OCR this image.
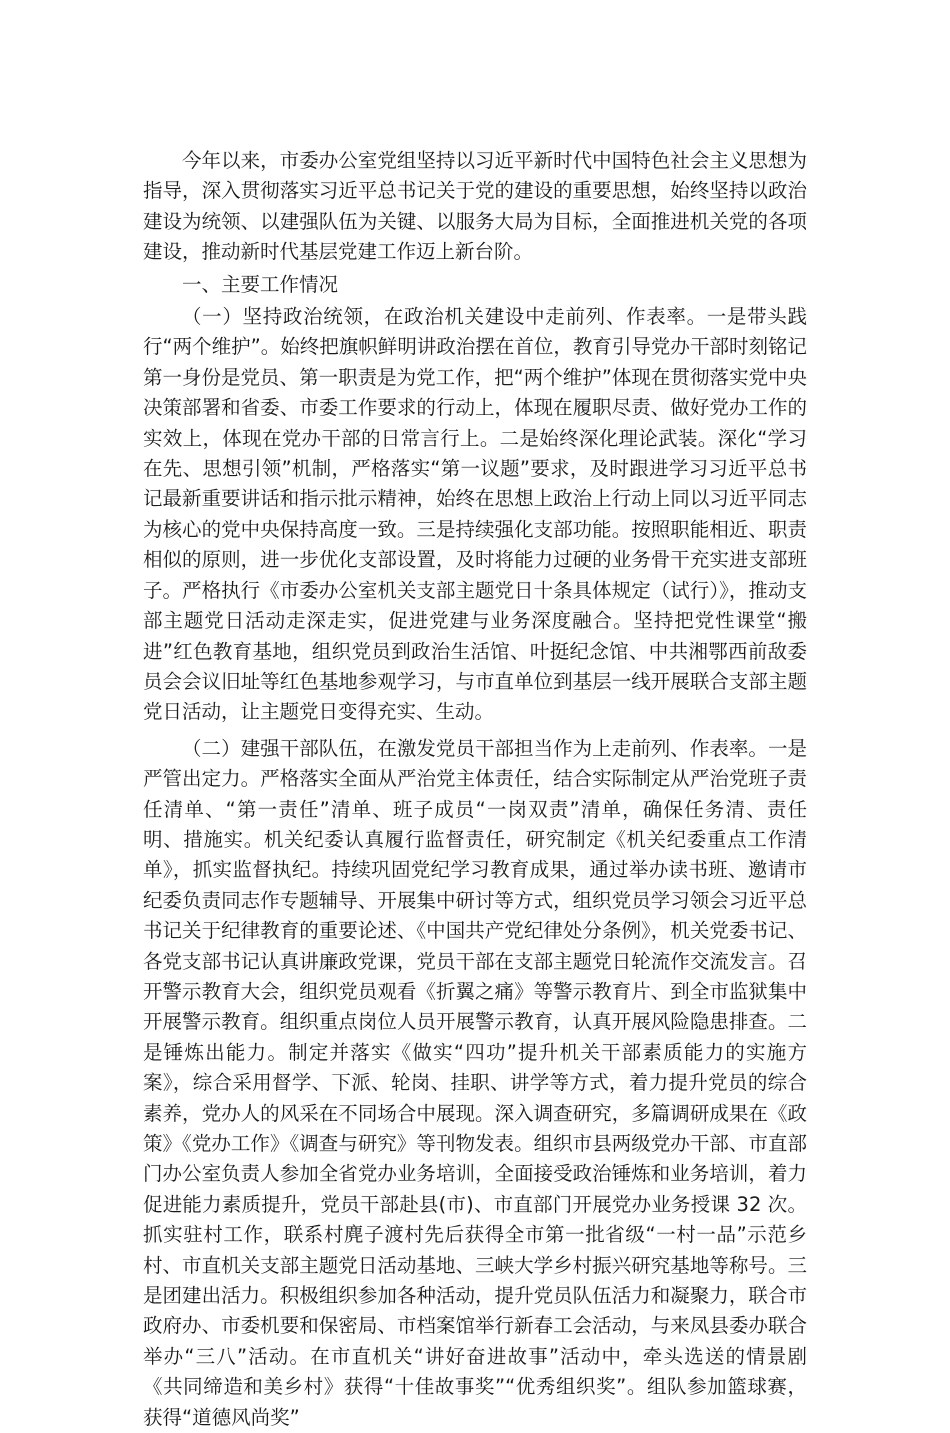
今年以来，市委办公室党组坚持以习近平新时代中国特色社会主义思想为指导，深入贯彻落实习近平总书记关于党的建设的重要思想，始终坚持以政治建设为统领、以建强队伍为关键、以服务大局为目标，全面推进机关党的各项建设，推动新时代基层党建工作迈上新台阶。

一、主要工作情况

（一）坚持政治统领，在政治机关建设中走前列、作表率。一是带头践行“两个维护”。始终把旗帜鲜明讲政治摆在首位，教育引导党办干部时刻铭记第一身份是党员、第一职责是为党工作，把“两个维护”体现在贯彻落实党中央决策部署和省委、市委工作要求的行动上，体现在履职尽责、做好党办工作的实效上，体现在党办干部的日常言行上。二是始终深化理论武装。深化“学习在先、思想引领”机制，严格落实“第一议题”要求，及时跟进学习习近平总书记最新重要讲话和指示批示精神，始终在思想上政治上行动上同以习近平同志为核心的党中央保持高度一致。三是持续强化支部功能。按照职能相近、职责相似的原则，进一步优化支部设置，及时将能力过硬的业务骨干充实进支部班子。严格执行《市委办公室机关支部主题党日十条具体规定（试行）》，推动支部主题党日活动走深走实，促进党建与业务深度融合。坚持把党性课堂“搬进”红色教育基地，组织党员到政治生活馆、叶挺纪念馆、中共湘鄂西前敌委员会会议旧址等红色基地参观学习，与市直单位到基层一线开展联合支部主题党日活动，让主题党日变得充实、生动。

（二）建强干部队伍，在激发党员干部担当作为上走前列、作表率。一是严管出定力。严格落实全面从严治党主体责任，结合实际制定从严治党班子责任清单、“第一责任”清单、班子成员“一岗双责”清单，确保任务清、责任明、措施实。机关纪委认真履行监督责任，研究制定《机关纪委重点工作清单》，抓实监督执纪。持续巩固党纪学习教育成果，通过举办读书班、邀请市纪委负责同志作专题辅导、开展集中研讨等方式，组织党员学习领会习近平总书记关于纪律教育的重要论述、《中国共产党纪律处分条例》，机关党委书记、各党支部书记认真讲廉政党课，党员干部在支部主题党日轮流作交流发言。召开警示教育大会，组织党员观看《折翼之痛》等警示教育片、到全市监狱集中开展警示教育。组织重点岗位人员开展警示教育，认真开展风险隐患排查。二是锤炼出能力。制定并落实《做实“四功”提升机关干部素质能力的实施方案》，综合采用督学、下派、轮岗、挂职、讲学等方式，着力提升党员的综合素养，党办人的风采在不同场合中展现。深入调查研究，多篇调研成果在《政策》《党办工作》《调查与研究》等刊物发表。组织市县两级党办干部、市直部门办公室负责人参加全省党办业务培训，全面接受政治锤炼和业务培训，着力促进能力素质提升，党员干部赴县(市)、市直部门开展党办业务授课 32 次。抓实驻村工作，联系村麂子渡村先后获得全市第一批省级“一村一品”示范乡村、市直机关支部主题党日活动基地、三峡大学乡村振兴研究基地等称号。三是团建出活力。积极组织参加各种活动，提升党员队伍活力和凝聚力，联合市政府办、市委机要和保密局、市档案馆举行新春工会活动，与来凤县委办联合举办“三八”活动。在市直机关“讲好奋进故事”活动中，牵头选送的情景剧《共同缔造和美乡村》获得“十佳故事奖”“优秀组织奖”。组队参加篮球赛，获得“道德风尚奖”
